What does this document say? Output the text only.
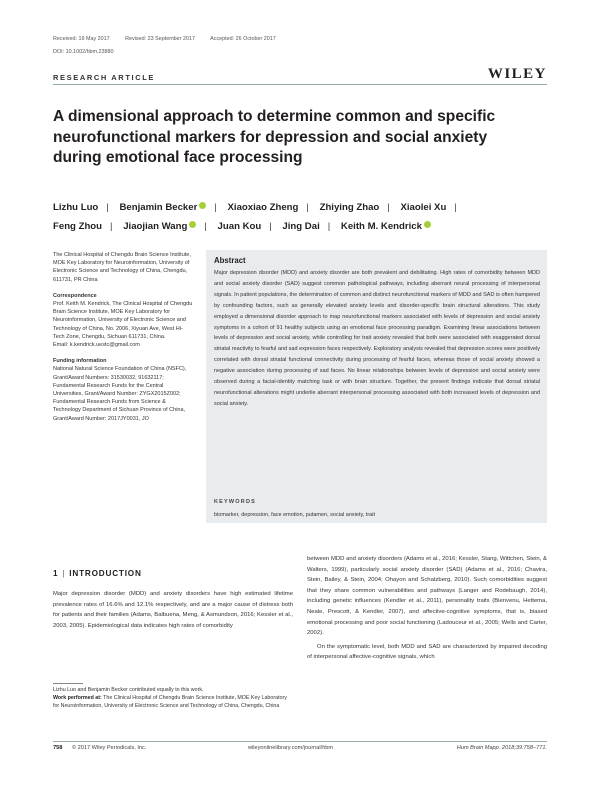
Received: 19 May 2017	Revised: 23 September 2017	Accepted: 26 October 2017
DOI: 10.1002/hbm.23880
RESEARCH ARTICLE	WILEY
A dimensional approach to determine common and specific neurofunctional markers for depression and social anxiety during emotional face processing
Lizhu Luo | Benjamin Becker | Xiaoxiao Zheng | Zhiying Zhao | Xiaolei Xu |
Feng Zhou | Jiaojian Wang | Juan Kou | Jing Dai | Keith M. Kendrick

The Clinical Hospital of Chengdu Brain Science Institute, MOE Key Laboratory for Neuroinformation, University of Electronic Science and Technology of China, Chengdu, 611731, PR China

Correspondence

Prof. Keith M. Kendrick, The Clinical Hospital of Chengdu Brain Science Institute, MOE Key Laboratory for Neuroinformation, University of Electronic Science and Technology of China, No. 2006, Xiyuan Ave, West Hi-Tech Zone, Chengdu, Sichuan 611731, China.

Email: k.kendrick.uestc@gmail.com

Funding information

National Natural Science Foundation of China (NSFC), Grant/Award Numbers: 31530032, 91632117; Fundamental Research Funds for the Central Universities, Grant/Award Number: ZYGX2015Z002; Fundamental Research Funds from Science & Technology Department of Sichuan Province of China, Grant/Award Number: 2017JY0031, JO

Abstract
Major depression disorder (MDD) and anxiety disorder are both prevalent and debilitating. High rates of comorbidity between MDD and social anxiety disorder (SAD) suggest common pathological pathways, including aberrant neural processing of interpersonal signals. In patient populations, the determination of common and distinct neurofunctional markers of MDD and SAD is often hampered by confounding factors, such as generally elevated anxiety levels and disorder-specific brain structural alterations. This study employed a dimensional disorder approach to map neurofunctional markers associated with levels of depression and social anxiety symptoms in a cohort of 91 healthy subjects using an emotional face processing paradigm. Examining linear associations between levels of depression and social anxiety, while controlling for trait anxiety revealed that both were associated with exaggerated dorsal striatal reactivity to fearful and sad expression faces respectively. Exploratory analysis revealed that depression scores were positively correlated with dorsal striatal functional connectivity during processing of fearful faces, whereas those of social anxiety showed a negative association during processing of sad faces. No linear relationships between levels of depression and social anxiety were observed during a facial-identity matching task or with brain structure. Together, the present findings indicate that dorsal striatal neurofunctional alterations might underlie aberrant interpersonal processing associated with both increased levels of depression and social anxiety.
KEYWORDS
biomarker, depression, face emotion, putamen, social anxiety, trait
1 | INTRODUCTION
Major depression disorder (MDD) and anxiety disorders have high estimated lifetime prevalence rates of 16.6% and 12.1% respectively, and are a major cause of distress both for patients and their families (Adams, Balbuena, Meng, & Asmundson, 2016; Kessler et al., 2003, 2005). Epidemiological data indicates high rates of comorbidity

between MDD and anxiety disorders (Adams et al., 2016; Kessler, Stang, Wittchen, Stein, & Walters, 1999), particularly social anxiety disorder (SAD) (Adams et al., 2016; Chavira, Stein, Bailey, & Stein, 2004; Ohayon and Schatzberg, 2010). Such comorbidities suggest that they share common vulnerabilities and pathways (Langer and Rodebaugh, 2014), including genetic influences (Kendler et al., 2011), personality traits (Bienvenu, Hettema, Neale, Prescott, & Kendler, 2007), and affective-cognitive symptoms, that is, biased emotional processing and poor social functioning (Ladouceur et al., 2005; Wells and Carter, 2002).

On the symptomatic level, both MDD and SAD are characterized by impaired decoding of interpersonal affective-cognitive signals, which

Lizhu Luo and Benjamin Becker contributed equally to this work.
Work performed at: The Clinical Hospital of Chengdu Brain Science Institute, MOE Key Laboratory for Neuroinformation, University of Electronic Science and Technology of China, Chengdu, China
758 © 2017 Wiley Periodicals, Inc.	wileyonlinelibrary.com/journal/hbm	Hum Brain Mapp. 2018;39:758–771.
